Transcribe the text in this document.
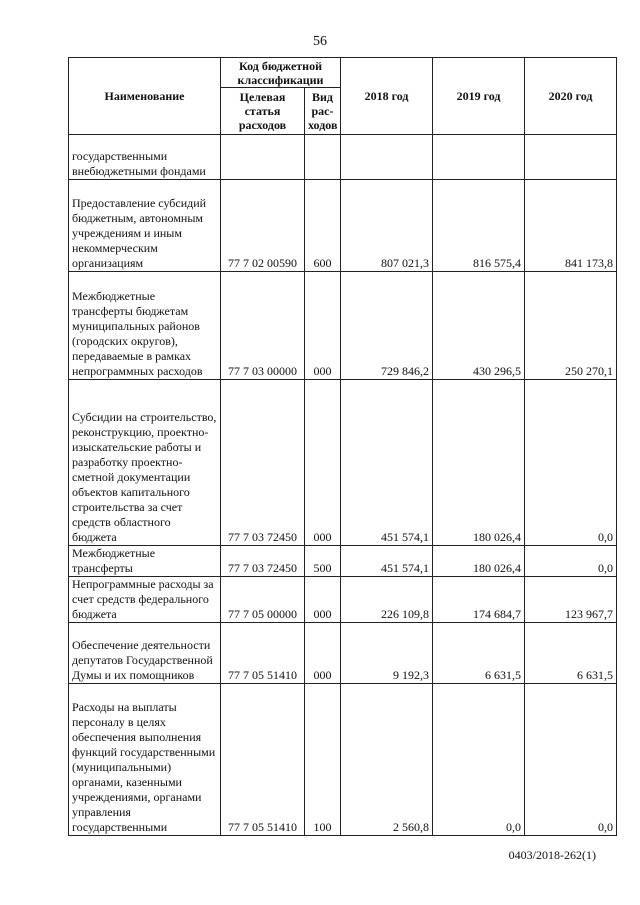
56
Наименование	Код бюджетной классификации		2018 год	2019 год	2020 год
	Целевая статья расходов	Вид рас-ходов			
государственными внебюджетными фондами					
Предоставление субсидий бюджетным, автономным учреждениям и иным некоммерческим организациям	77 7 02 00590	600	807 021,3	816 575,4	841 173,8
Межбюджетные трансферты бюджетам муниципальных районов (городских округов), передаваемые в рамках непрограммных расходов	77 7 03 00000	000	729 846,2	430 296,5	250 270,1
Субсидии на строительство, реконструкцию, проектно-изыскательские работы и разработку проектно-сметной документации объектов капитального строительства за счет средств областного бюджета	77 7 03 72450	000	451 574,1	180 026,4	0,0
Межбюджетные трансферты	77 7 03 72450	500	451 574,1	180 026,4	0,0
Непрограммные расходы за счет средств федерального бюджета	77 7 05 00000	000	226 109,8	174 684,7	123 967,7
Обеспечение деятельности депутатов Государственной Думы и их помощников	77 7 05 51410	000	9 192,3	6 631,5	6 631,5
Расходы на выплаты персоналу в целях обеспечения выполнения функций государственными (муниципальными) органами, казенными учреждениями, органами управления государственными	77 7 05 51410	100	2 560,8	0,0	0,0
0403/2018-262(1)
